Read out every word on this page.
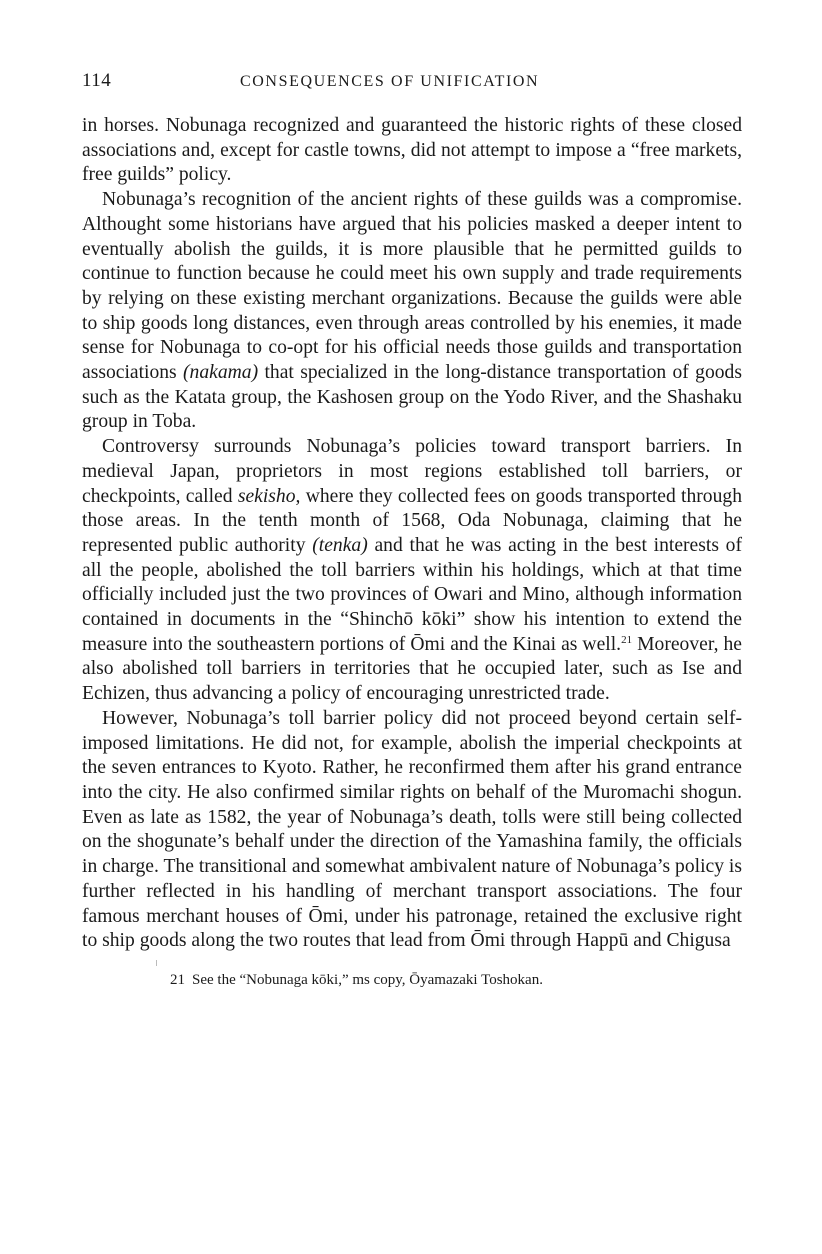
114	CONSEQUENCES OF UNIFICATION

in horses. Nobunaga recognized and guaranteed the historic rights of these closed associations and, except for castle towns, did not attempt to impose a “free markets, free guilds” policy.

Nobunaga’s recognition of the ancient rights of these guilds was a compromise. Althought some historians have argued that his policies masked a deeper intent to eventually abolish the guilds, it is more plausible that he permitted guilds to continue to function because he could meet his own supply and trade requirements by relying on these existing merchant organizations. Because the guilds were able to ship goods long distances, even through areas controlled by his enemies, it made sense for Nobunaga to co-opt for his official needs those guilds and transportation associations (nakama) that specialized in the long-distance transportation of goods such as the Katata group, the Kashosen group on the Yodo River, and the Shashaku group in Toba.

Controversy surrounds Nobunaga’s policies toward transport barriers. In medieval Japan, proprietors in most regions established toll barriers, or checkpoints, called sekisho, where they collected fees on goods transported through those areas. In the tenth month of 1568, Oda Nobunaga, claiming that he represented public authority (tenka) and that he was acting in the best interests of all the people, abolished the toll barriers within his holdings, which at that time officially included just the two provinces of Owari and Mino, although information contained in documents in the “Shinchō kōki” show his intention to extend the measure into the southeastern portions of Ōmi and the Kinai as well.$^{21}$ Moreover, he also abolished toll barriers in territories that he occupied later, such as Ise and Echizen, thus advancing a policy of encouraging unrestricted trade.

However, Nobunaga’s toll barrier policy did not proceed beyond certain self-imposed limitations. He did not, for example, abolish the imperial checkpoints at the seven entrances to Kyoto. Rather, he reconfirmed them after his grand entrance into the city. He also confirmed similar rights on behalf of the Muromachi shogun. Even as late as 1582, the year of Nobunaga’s death, tolls were still being collected on the shogunate’s behalf under the direction of the Yamashina family, the officials in charge. The transitional and somewhat ambivalent nature of Nobunaga’s policy is further reflected in his handling of merchant transport associations. The four famous merchant houses of Ōmi, under his patronage, retained the exclusive right to ship goods along the two routes that lead from Ōmi through Happū and Chigusa

21 See the “Nobunaga kōki,” ms copy, Ōyamazaki Toshokan.
